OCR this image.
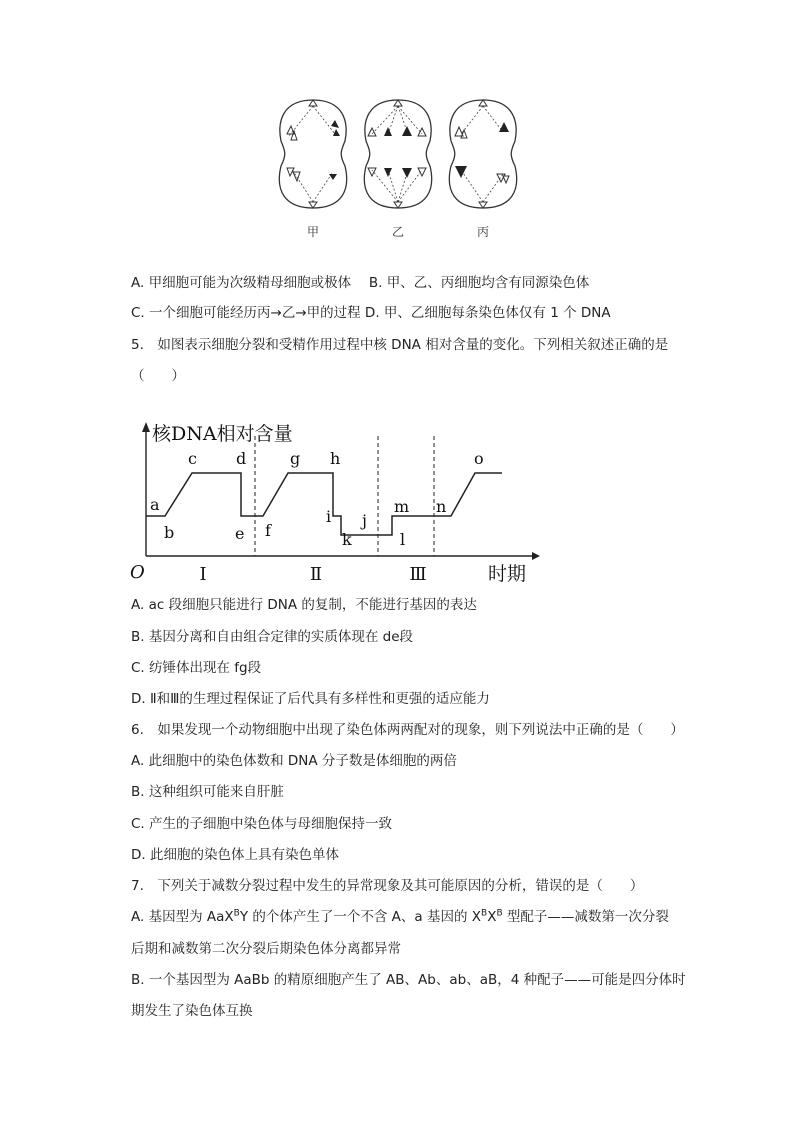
甲	乙	丙
A. 甲细胞可能为次级精母细胞或极体　 B. 甲、乙、丙细胞均含有同源染色体
C. 一个细胞可能经历丙→乙→甲的过程 D. 甲、乙细胞每条染色体仅有 1 个 DNA
5.　如图表示细胞分裂和受精作用过程中核 DNA 相对含量的变化。下列相关叙述正确的是
（　　）
a
b
c d
e f
g h
i j
k	l
m n
o
核DNA相对含量
时期
O	Ⅰ	Ⅱ	Ⅲ
A. ac 段细胞只能进行 DNA 的复制，不能进行基因的表达
B. 基因分离和自由组合定律的实质体现在 de段
C. 纺锤体出现在 fg段
D. Ⅱ和Ⅲ的生理过程保证了后代具有多样性和更强的适应能力
6.　如果发现一个动物细胞中出现了染色体两两配对的现象，则下列说法中正确的是（　　）
A. 此细胞中的染色体数和 DNA 分子数是体细胞的两倍
B. 这种组织可能来自肝脏
C. 产生的子细胞中染色体与母细胞保持一致
D. 此细胞的染色体上具有染色单体
7.　下列关于减数分裂过程中发生的异常现象及其可能原因的分析，错误的是（　　）
A. 基因型为 AaX$^B$Y 的个体产生了一个不含 A、a 基因的 $X^BX^B$ 型配子——减数第一次分裂
后期和减数第二次分裂后期染色体分离都异常
B. 一个基因型为 AaBb 的精原细胞产生了 AB、Ab、ab、aB，4 种配子——可能是四分体时
期发生了染色体互换
